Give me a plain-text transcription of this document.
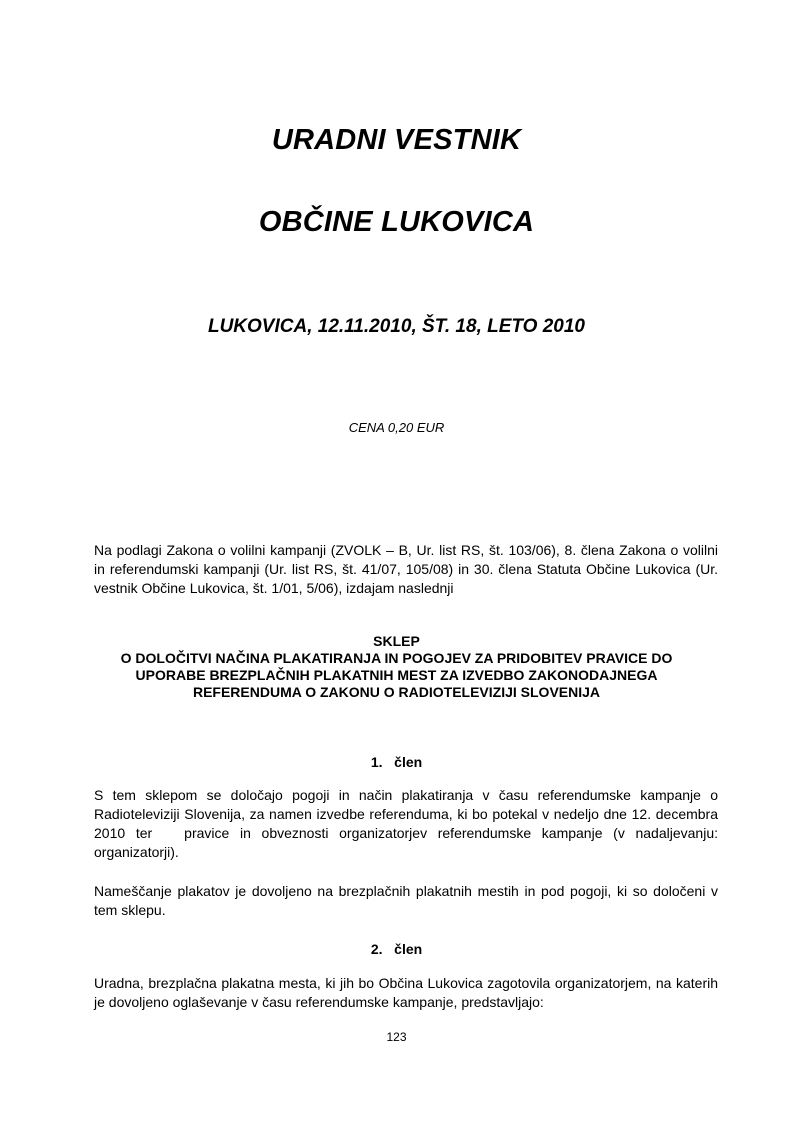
URADNI VESTNIK
OBČINE LUKOVICA
LUKOVICA, 12.11.2010, ŠT. 18, LETO 2010
CENA 0,20 EUR
Na podlagi Zakona o volilni kampanji (ZVOLK – B, Ur. list RS, št. 103/06), 8. člena Zakona o volilni in referendumski kampanji (Ur. list RS, št. 41/07, 105/08) in 30. člena Statuta Občine Lukovica (Ur. vestnik Občine Lukovica, št. 1/01, 5/06), izdajam naslednji
SKLEP
O DOLOČITVI NAČINA PLAKATIRANJA IN POGOJEV ZA PRIDOBITEV PRAVICE DO
UPORABE BREZPLAČNIH PLAKATNIH MEST ZA IZVEDBO ZAKONODAJNEGA
REFERENDUMA O ZAKONU O RADIOTELEVIZIJI SLOVENIJA
1.   člen

S tem sklepom se določajo pogoji in način plakatiranja v času referendumske kampanje o Radioteleviziji Slovenija, za namen izvedbe referenduma, ki bo potekal v nedeljo dne 12. decembra 2010 ter   pravice in obveznosti organizatorjev referendumske kampanje (v nadaljevanju: organizatorji).

Nameščanje plakatov je dovoljeno na brezplačnih plakatnih mestih in pod pogoji, ki so določeni v tem sklepu.

2.   člen

Uradna, brezplačna plakatna mesta, ki jih bo Občina Lukovica zagotovila organizatorjem, na katerih je dovoljeno oglaševanje v času referendumske kampanje, predstavljajo:

123
